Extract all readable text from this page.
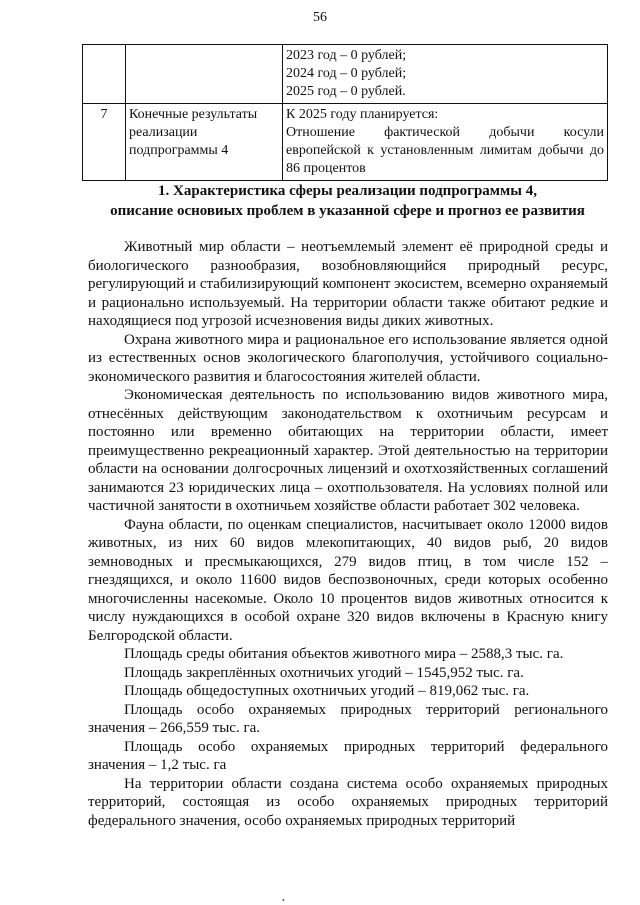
56

		2023 год – 0 рублей;
2024 год – 0 рублей;
2025 год – 0 рублей.

7	Конечные результаты реализации подпрограммы 4	К 2025 году планируется:
Отношение фактической добычи косули европейской к установленным лимитам добычи до 86 процентов
1. Характеристика сферы реализации подпрограммы 4,
описание основиых проблем в указанной сфере и прогноз ее развития

Животный мир области – неотъемлемый элемент её природной среды и биологического разнообразия, возобновляющийся природный ресурс, регулирующий и стабилизирующий компонент экосистем, всемерно охраняемый и рационально используемый. На территории области также обитают редкие и находящиеся под угрозой исчезновения виды диких животных.

Охрана животного мира и рациональное его использование является одной из естественных основ экологического благополучия, устойчивого социально-экономического развития и благосостояния жителей области.

Экономическая деятельность по использованию видов животного мира, отнесённых действующим законодательством к охотничьим ресурсам и постоянно или временно обитающих на территории области, имеет преимущественно рекреационный характер. Этой деятельностью на территории области на основании долгосрочных лицензий и охотхозяйственных соглашений занимаются 23 юридических лица – охотпользователя. На условиях полной или частичной занятости в охотничьем хозяйстве области работает 302 человека.

Фауна области, по оценкам специалистов, насчитывает около 12000 видов животных, из них 60 видов млекопитающих, 40 видов рыб, 20 видов земноводных и пресмыкающихся, 279 видов птиц, в том числе 152 – гнездящихся, и около 11600 видов беспозвоночных, среди которых особенно многочисленны насекомые. Около 10 процентов видов животных относится к числу нуждающихся в особой охране 320 видов включены в Красную книгу Белгородской области.

Площадь среды обитания объектов животного мира – 2588,3 тыс. га.

Площадь закреплённых охотничьих угодий – 1545,952 тыс. га.

Площадь общедоступных охотничьих угодий – 819,062 тыс. га.

Площадь особо охраняемых природных территорий регионального значения – 266,559 тыс. га.

Площадь особо охраняемых природных территорий федерального значения – 1,2 тыс. га

На территории области создана система особо охраняемых природных территорий, состоящая из особо охраняемых природных территорий федерального значения, особо охраняемых природных территорий

•
